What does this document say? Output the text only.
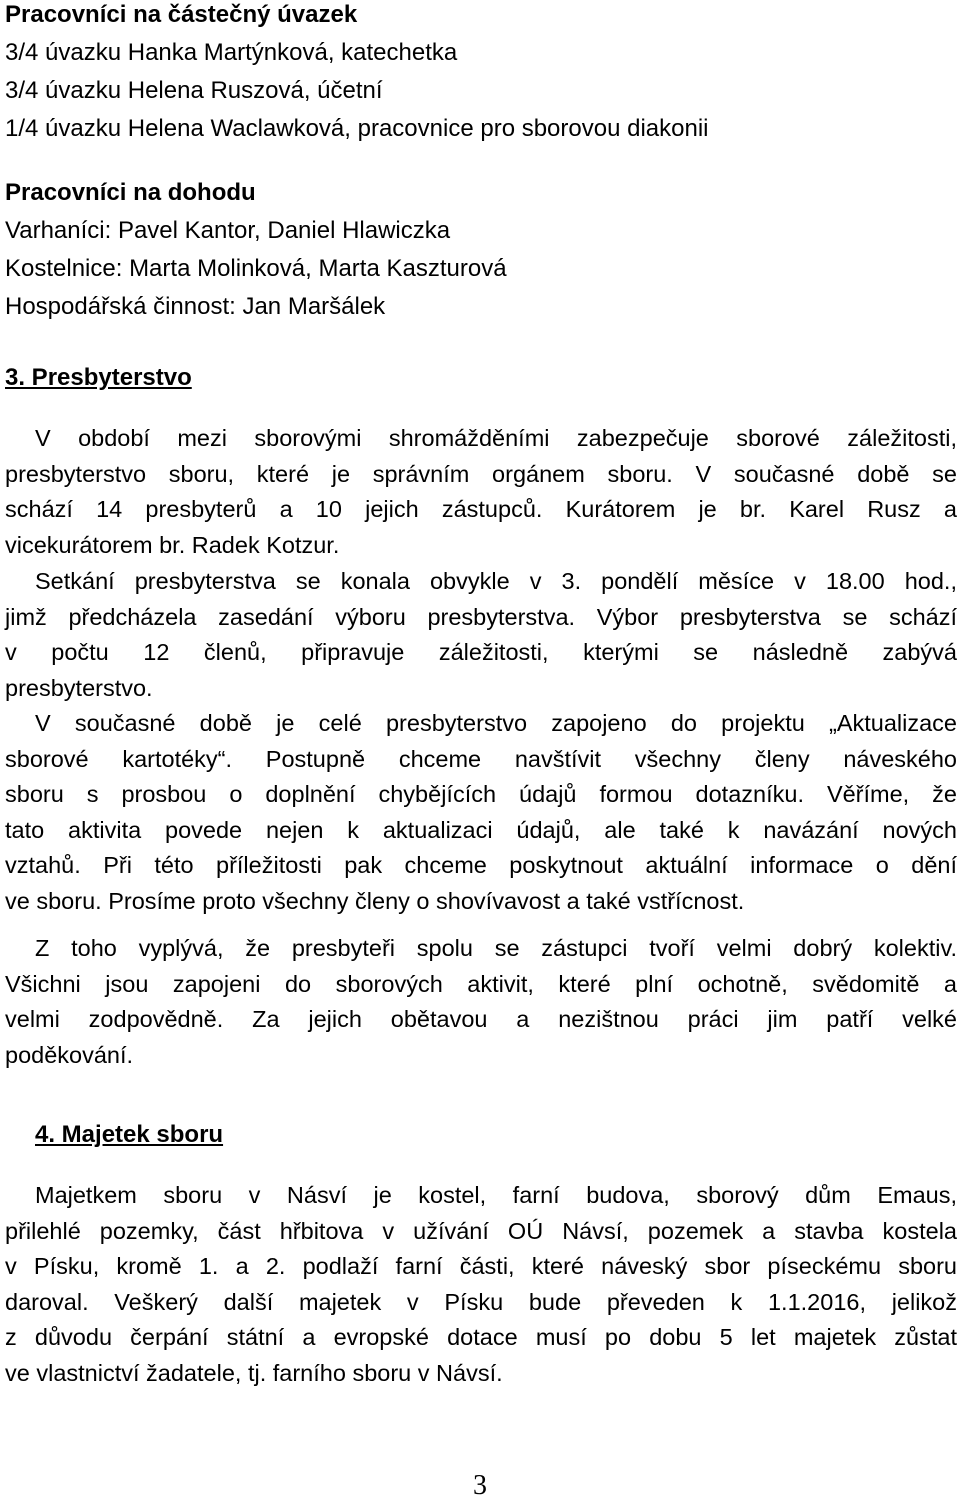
Pracovníci na částečný úvazek
3/4 úvazku Hanka Martýnková, katechetka
3/4 úvazku Helena Ruszová, účetní
1/4 úvazku Helena Waclawková, pracovnice pro sborovou diakonii
Pracovníci na dohodu
Varhaníci: Pavel Kantor, Daniel Hlawiczka
Kostelnice: Marta Molinková, Marta Kaszturová
Hospodářská činnost: Jan Maršálek
3. Presbyterstvo
V období mezi sborovými shromážděními zabezpečuje sborové záležitosti,
presbyterstvo sboru, které je správním orgánem sboru. V současné době se
schází 14 presbyterů a 10 jejich zástupců. Kurátorem je br. Karel Rusz a
vicekurátorem br. Radek Kotzur.
Setkání presbyterstva se konala obvykle v 3. pondělí měsíce v 18.00 hod.,
jimž předcházela zasedání výboru presbyterstva. Výbor presbyterstva se schází
v počtu 12 členů, připravuje záležitosti, kterými se následně zabývá
presbyterstvo.
V současné době je celé presbyterstvo zapojeno do projektu „Aktualizace
sborové kartotéky“. Postupně chceme navštívit všechny členy náveského
sboru s prosbou o doplnění chybějících údajů formou dotazníku. Věříme, že
tato aktivita povede nejen k aktualizaci údajů, ale také k navázání nových
vztahů. Při této příležitosti pak chceme poskytnout aktuální informace o dění
ve sboru. Prosíme proto všechny členy o shovívavost a také vstřícnost.
Z toho vyplývá, že presbyteři spolu se zástupci tvoří velmi dobrý kolektiv.
Všichni jsou zapojeni do sborových aktivit, které plní ochotně, svědomitě a
velmi zodpovědně. Za jejich obětavou a nezištnou práci jim patří velké
poděkování.
4. Majetek sboru
Majetkem sboru v Násví je kostel, farní budova, sborový dům Emaus,
přilehlé pozemky, část hřbitova v užívání OÚ Návsí, pozemek a stavba kostela
v Písku, kromě 1. a 2. podlaží farní části, které náveský sbor píseckému sboru
daroval. Veškerý další majetek v Písku bude převeden k 1.1.2016, jelikož
z důvodu čerpání státní a evropské dotace musí po dobu 5 let majetek zůstat
ve vlastnictví žadatele, tj. farního sboru v Návsí.
3
